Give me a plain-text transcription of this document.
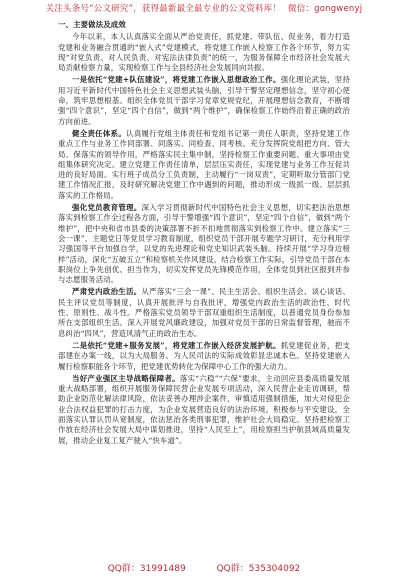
关注头条号“公文研究”，获得最新最全最专业的公文资料库！ 微信：gongwenyj

一、主要做法及成效

今年以来，本人认真落实全面从严治党责任，抓党建、带队伍、促业务，着力打造党建和业务融合贯通的“嵌入式”党建模式，将党建工作嵌入检察工作各个环节，努力实现“对党负责、对人民负责、对宪法法律负责”的统一，为服务保障全市经济社会发展大局贡献检察力量，实现检察工作与全县经济社会发展同向共振。

一是依托“党建+队伍建设”，将党建工作嵌入思想政治工作。强化理论武装，坚持用习近平新时代中国特色社会主义思想武装头脑，引导干警坚定理想信念，坚守初心使命，筑牢思想根基。组织全体党员干部学习党章党规党纪，开展理想信念教育，不断增强“四个意识”，坚定“四个自信”，做到“两个维护”，确保检察工作始终沿着正确的政治方向前进。

健全责任体系。认真履行党组主体责任和党组书记第一责任人职责，坚持党建工作重点工作与业务工作同部署、同落实、同检查、同考核。充分发挥院党组把方向、管大局、保落实的领导作用，严格落实民主集中制，坚持检察工作重要问题、重大事项由党组集体研究决定。建立党建工作责任清单，层层压实责任，实现党建与业务工作互促共进的良好局面。实行班子成员分工负责制，主动履行“一岗双责”，定期听取分管部门党建工作情况汇报，及时研究解决党建工作中遇到的问题，推动形成一级抓一级、层层抓落实的工作格局。

强化党员教育管理。深入学习贯彻新时代中国特色社会主义思想，切实把法治思想落实到检察工作全过程各方面，引导干警增强“四个意识”，坚定“四个自信”，做到“两个维护”，把中央和省市县委的决策部署不折不扣地贯彻落实到检察工作中。建立落实“三会一课”、主题党日等党员学习教育制度，组织党员干部开展专题学习研讨，充分利用学习强国等平台加强自学，以党的先进理论和党史知识武装头脑。持续开展“学习身边榜样”活动，深化“五破五立”和检察机关作风建设，结合检察工作实际，引导党员干部在本职岗位上争先创优、担当作为，切实发挥党员先锋模范作用，全体党员到社区报到并参与志愿服务活动。

严肃党内政治生活。从严落实“三会一课”、民主生活会、组织生活会、谈心谈话、民主评议党员等制度，认真开展批评与自我批评，增强党内政治生活的政治性、时代性、原则性、战斗性。严格落实党员领导干部双重组织生活制度，以普通党员身份参加所在支部组织生活。深入开展党风廉政建设，加强对党员干部的日常监督管理，驰而不息纠治“四风”，营造风清气正的政治生态。

二是依托“党建+服务发展”，将党建工作嵌入经济发展护航。抓党建促业务，把支部建在办案一线，以为大局服务、为人民司法的实际成效彰显忠诚本色。坚持党建嵌入履行检察职能各个环节，把党建优势转化为保障中心工作的强大动力。

当好产业强区主导战略保障者。落实“六稳”“六保”要求，主动回应县委高质量发展重大战略部署，组织开展服务保障民营企业发展专项活动，深入民营企业走访调研，帮助企业防范化解法律风险，依法妥善办理涉企案件，审慎适用强制措施，加大对侵犯企业合法权益犯罪的打击力度，为企业发展营造良好的法治环境。积极参与平安建设，全面落实认罪认罚从宽制度，依法惩治各类刑事犯罪，维护社会大局稳定。坚持把检察工作放在经济社会发展大局中谋划推进，坚持“人民至上”，用检察担当护航县域高质量发展，推动企业复工复产驶入“快车道”。

QQ群：31991489	QQ群：535304092
